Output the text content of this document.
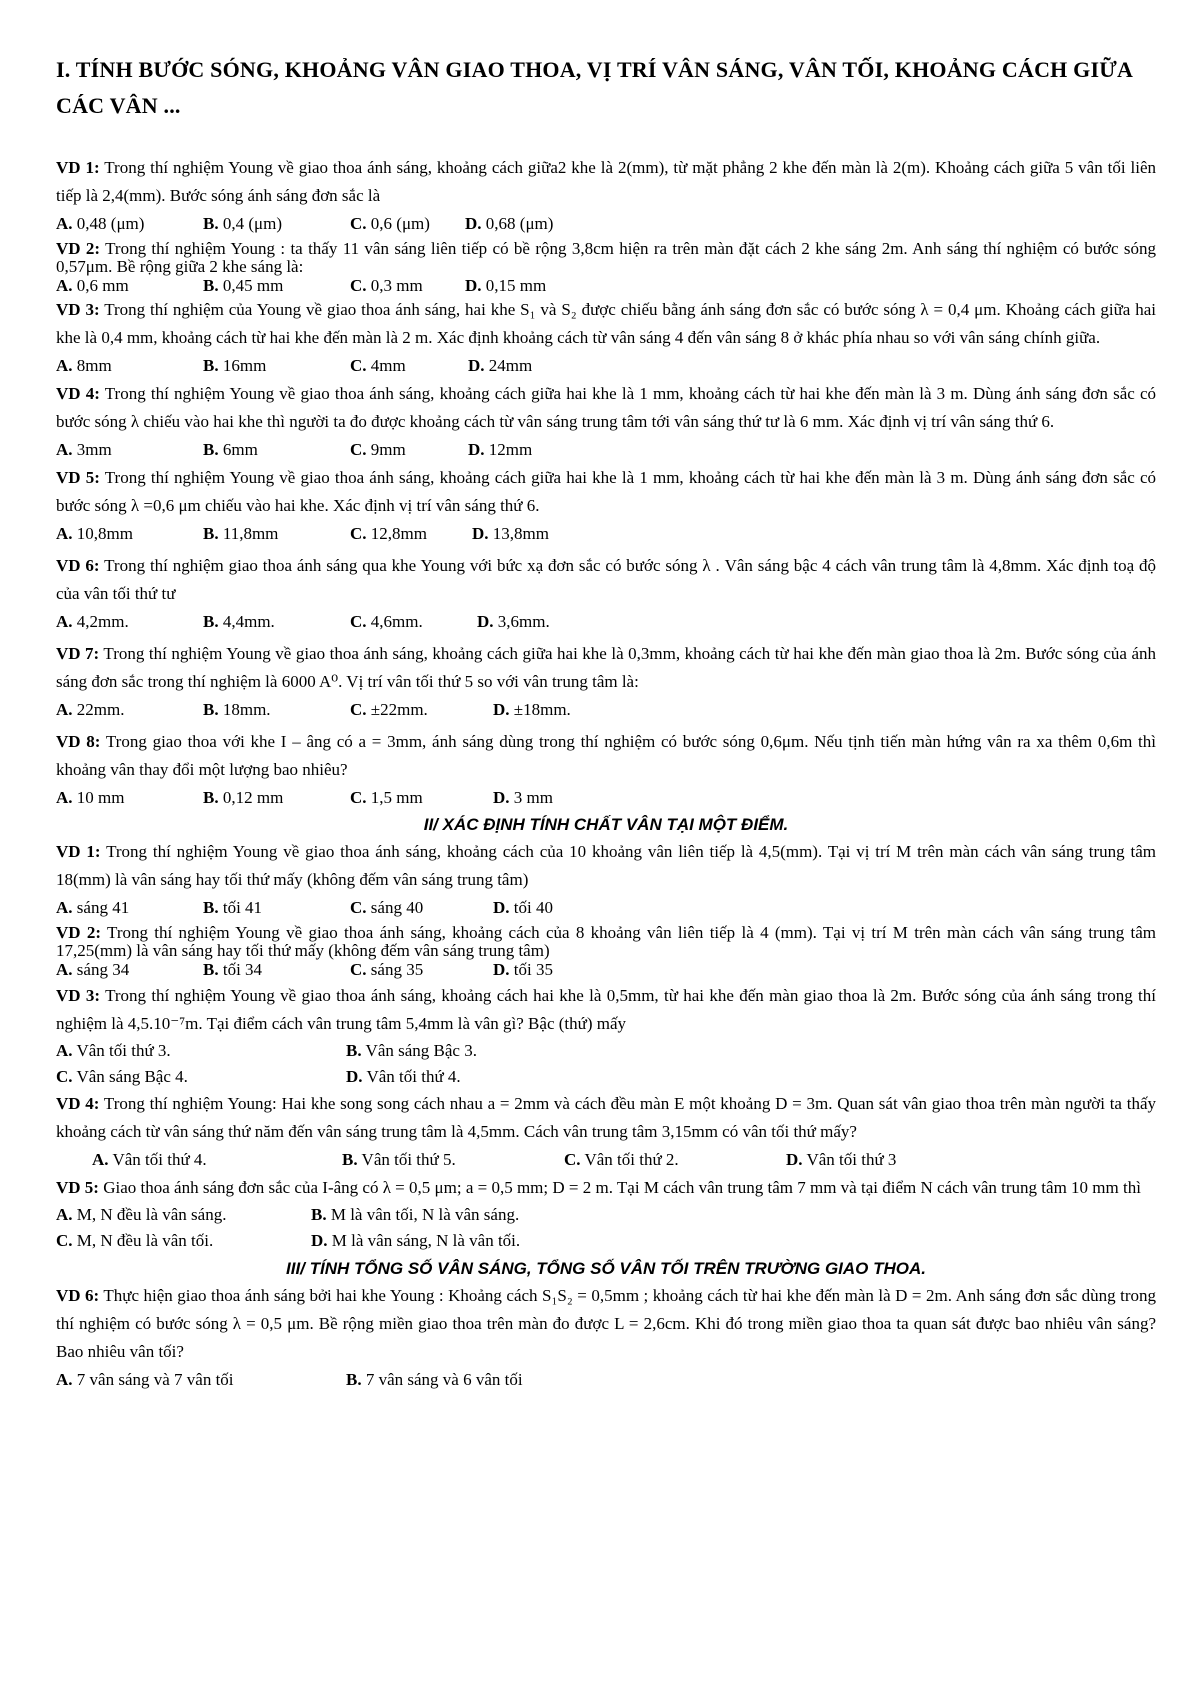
I. TÍNH BƯỚC SÓNG, KHOẢNG VÂN GIAO THOA, VỊ TRÍ VÂN SÁNG, VÂN TỐI, KHOẢNG CÁCH GIỮA CÁC VÂN ...

VD 1: Trong thí nghiệm Young về giao thoa ánh sáng, khoảng cách giữa2 khe là 2(mm), từ mặt phẳng 2 khe đến màn là 2(m). Khoảng cách giữa 5 vân tối liên tiếp là 2,4(mm). Bước sóng ánh sáng đơn sắc là

A. 0,48 (μm)	B. 0,4 (μm)	C. 0,6 (μm)	D. 0,68 (μm)

VD 2: Trong thí nghiệm Young : ta thấy 11 vân sáng liên tiếp có bề rộng 3,8cm hiện ra trên màn đặt cách 2 khe sáng 2m. Anh sáng thí nghiệm có bước sóng 0,57μm. Bề rộng giữa 2 khe sáng là:

A. 0,6 mm	B. 0,45 mm	C. 0,3 mm	D. 0,15 mm

VD 3: Trong thí nghiệm của Young về giao thoa ánh sáng, hai khe S₁ và S₂ được chiếu bằng ánh sáng đơn sắc có bước sóng λ = 0,4 μm. Khoảng cách giữa hai khe là 0,4 mm, khoảng cách từ hai khe đến màn là 2 m. Xác định khoảng cách từ vân sáng 4 đến vân sáng 8 ở khác phía nhau so với vân sáng chính giữa.

A. 8mm	B. 16mm	C. 4mm	D. 24mm

VD 4: Trong thí nghiệm Young về giao thoa ánh sáng, khoảng cách giữa hai khe là 1 mm, khoảng cách từ hai khe đến màn là 3 m. Dùng ánh sáng đơn sắc có bước sóng λ chiếu vào hai khe thì người ta đo được khoảng cách từ vân sáng trung tâm tới vân sáng thứ tư là 6 mm. Xác định vị trí vân sáng thứ 6.

A. 3mm	B. 6mm	C. 9mm	D. 12mm

VD 5: Trong thí nghiệm Young về giao thoa ánh sáng, khoảng cách giữa hai khe là 1 mm, khoảng cách từ hai khe đến màn là 3 m. Dùng ánh sáng đơn sắc có bước sóng λ =0,6 μm chiếu vào hai khe. Xác định vị trí vân sáng thứ 6.

A. 10,8mm	B. 11,8mm	C. 12,8mm	D. 13,8mm

VD 6: Trong thí nghiệm giao thoa ánh sáng qua khe Young với bức xạ đơn sắc có bước sóng λ . Vân sáng bậc 4 cách vân trung tâm là 4,8mm. Xác định toạ độ của vân tối thứ tư

A. 4,2mm.	B. 4,4mm.	C. 4,6mm.	D. 3,6mm.

VD 7: Trong thí nghiệm Young về giao thoa ánh sáng, khoảng cách giữa hai khe là 0,3mm, khoảng cách từ hai khe đến màn giao thoa là 2m. Bước sóng của ánh sáng đơn sắc trong thí nghiệm là 6000 A⁰. Vị trí vân tối thứ 5 so với vân trung tâm là:

A. 22mm.	B. 18mm.	C. ±22mm.	D. ±18mm.

VD 8: Trong giao thoa với khe I – âng có a = 3mm, ánh sáng dùng trong thí nghiệm có bước sóng 0,6μm. Nếu tịnh tiến màn hứng vân ra xa thêm 0,6m thì khoảng vân thay đổi một lượng bao nhiêu?

A. 10 mm	B. 0,12 mm	C. 1,5 mm	D. 3 mm
II/ XÁC ĐỊNH TÍNH CHẤT VÂN TẠI MỘT ĐIỂM.

VD 1: Trong thí nghiệm Young về giao thoa ánh sáng, khoảng cách của 10 khoảng vân liên tiếp là 4,5(mm). Tại vị trí M trên màn cách vân sáng trung tâm 18(mm) là vân sáng hay tối thứ mấy (không đếm vân sáng trung tâm)

A. sáng 41	B. tối 41	C. sáng 40	D. tối 40

VD 2: Trong thí nghiệm Young về giao thoa ánh sáng, khoảng cách của 8 khoảng vân liên tiếp là 4 (mm). Tại vị trí M trên màn cách vân sáng trung tâm 17,25(mm) là vân sáng hay tối thứ mấy (không đếm vân sáng trung tâm)

A. sáng 34	B. tối 34	C. sáng 35	D. tối 35

VD 3: Trong thí nghiệm Young về giao thoa ánh sáng, khoảng cách hai khe là 0,5mm, từ hai khe đến màn giao thoa là 2m. Bước sóng của ánh sáng trong thí nghiệm là 4,5.10⁻⁷m. Tại điểm cách vân trung tâm 5,4mm là vân gì? Bậc (thứ) mấy

A. Vân tối thứ 3.	B. Vân sáng Bậc 3.
C. Vân sáng Bậc 4.	D. Vân tối thứ 4.

VD 4: Trong thí nghiệm Young: Hai khe song song cách nhau a = 2mm và cách đều màn E một khoảng D = 3m. Quan sát vân giao thoa trên màn người ta thấy khoảng cách từ vân sáng thứ năm đến vân sáng trung tâm là 4,5mm. Cách vân trung tâm 3,15mm có vân tối thứ mấy?

A. Vân tối thứ 4.	B. Vân tối thứ 5.	C. Vân tối thứ 2.	D. Vân tối thứ 3

VD 5: Giao thoa ánh sáng đơn sắc của I-âng có λ = 0,5 μm; a = 0,5 mm; D = 2 m. Tại M cách vân trung tâm 7 mm và tại điểm N cách vân trung tâm 10 mm thì

A. M, N đều là vân sáng.	B. M là vân tối, N là vân sáng.
C. M, N đều là vân tối.	D. M là vân sáng, N là vân tối.
III/ TÍNH TỔNG SỐ VÂN SÁNG, TỔNG SỐ VÂN TỐI TRÊN TRƯỜNG GIAO THOA.

VD 6: Thực hiện giao thoa ánh sáng bởi hai khe Young : Khoảng cách S₁S₂ = 0,5mm ; khoảng cách từ hai khe đến màn là D = 2m. Anh sáng đơn sắc dùng trong thí nghiệm có bước sóng λ = 0,5 μm. Bề rộng miền giao thoa trên màn đo được L = 2,6cm. Khi đó trong miền giao thoa ta quan sát được bao nhiêu vân sáng? Bao nhiêu vân tối?

A. 7 vân sáng và 7 vân tối	B. 7 vân sáng và 6 vân tối
